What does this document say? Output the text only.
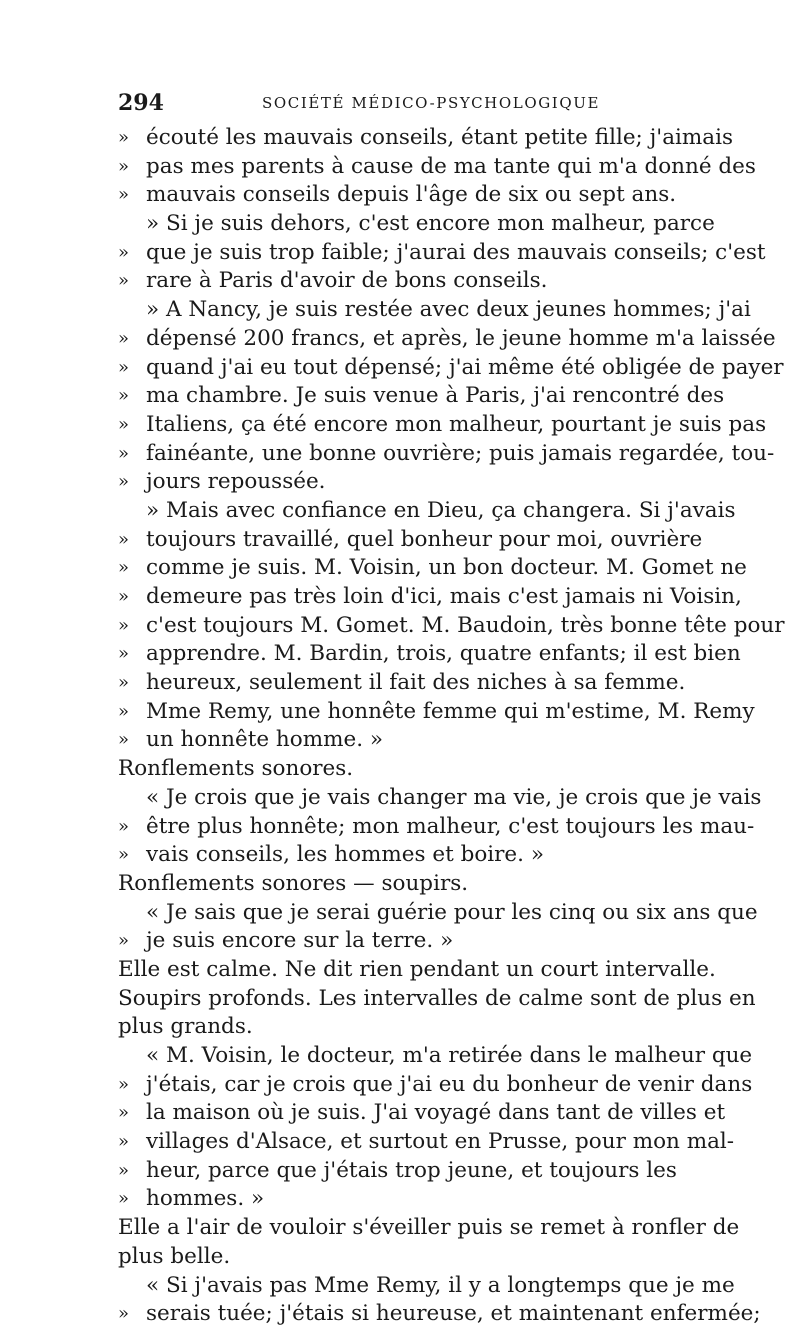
294	SOCIÉTÉ MÉDICO-PSYCHOLOGIQUE
» écouté les mauvais conseils, étant petite fille; j'aimais
» pas mes parents à cause de ma tante qui m'a donné des
» mauvais conseils depuis l'âge de six ou sept ans.
» Si je suis dehors, c'est encore mon malheur, parce
» que je suis trop faible; j'aurai des mauvais conseils; c'est
» rare à Paris d'avoir de bons conseils.
» A Nancy, je suis restée avec deux jeunes hommes; j'ai
» dépensé 200 francs, et après, le jeune homme m'a laissée
» quand j'ai eu tout dépensé; j'ai même été obligée de payer
» ma chambre. Je suis venue à Paris, j'ai rencontré des
» Italiens, ça été encore mon malheur, pourtant je suis pas
» fainéante, une bonne ouvrière; puis jamais regardée, tou-
» jours repoussée.
» Mais avec confiance en Dieu, ça changera. Si j'avais
» toujours travaillé, quel bonheur pour moi, ouvrière
» comme je suis. M. Voisin, un bon docteur. M. Gomet ne
» demeure pas très loin d'ici, mais c'est jamais ni Voisin,
» c'est toujours M. Gomet. M. Baudoin, très bonne tête pour
» apprendre. M. Bardin, trois, quatre enfants; il est bien
» heureux, seulement il fait des niches à sa femme.
» Mme Remy, une honnête femme qui m'estime, M. Remy
» un honnête homme. »
Ronflements sonores.
« Je crois que je vais changer ma vie, je crois que je vais
» être plus honnête; mon malheur, c'est toujours les mau-
» vais conseils, les hommes et boire. »
Ronflements sonores — soupirs.
« Je sais que je serai guérie pour les cinq ou six ans que
» je suis encore sur la terre. »
Elle est calme. Ne dit rien pendant un court intervalle.
Soupirs profonds. Les intervalles de calme sont de plus en
plus grands.
« M. Voisin, le docteur, m'a retirée dans le malheur que
» j'étais, car je crois que j'ai eu du bonheur de venir dans
» la maison où je suis. J'ai voyagé dans tant de villes et
» villages d'Alsace, et surtout en Prusse, pour mon mal-
» heur, parce que j'étais trop jeune, et toujours les
» hommes. »
Elle a l'air de vouloir s'éveiller puis se remet à ronfler de
plus belle.
« Si j'avais pas Mme Remy, il y a longtemps que je me
» serais tuée; j'étais si heureuse, et maintenant enfermée;
